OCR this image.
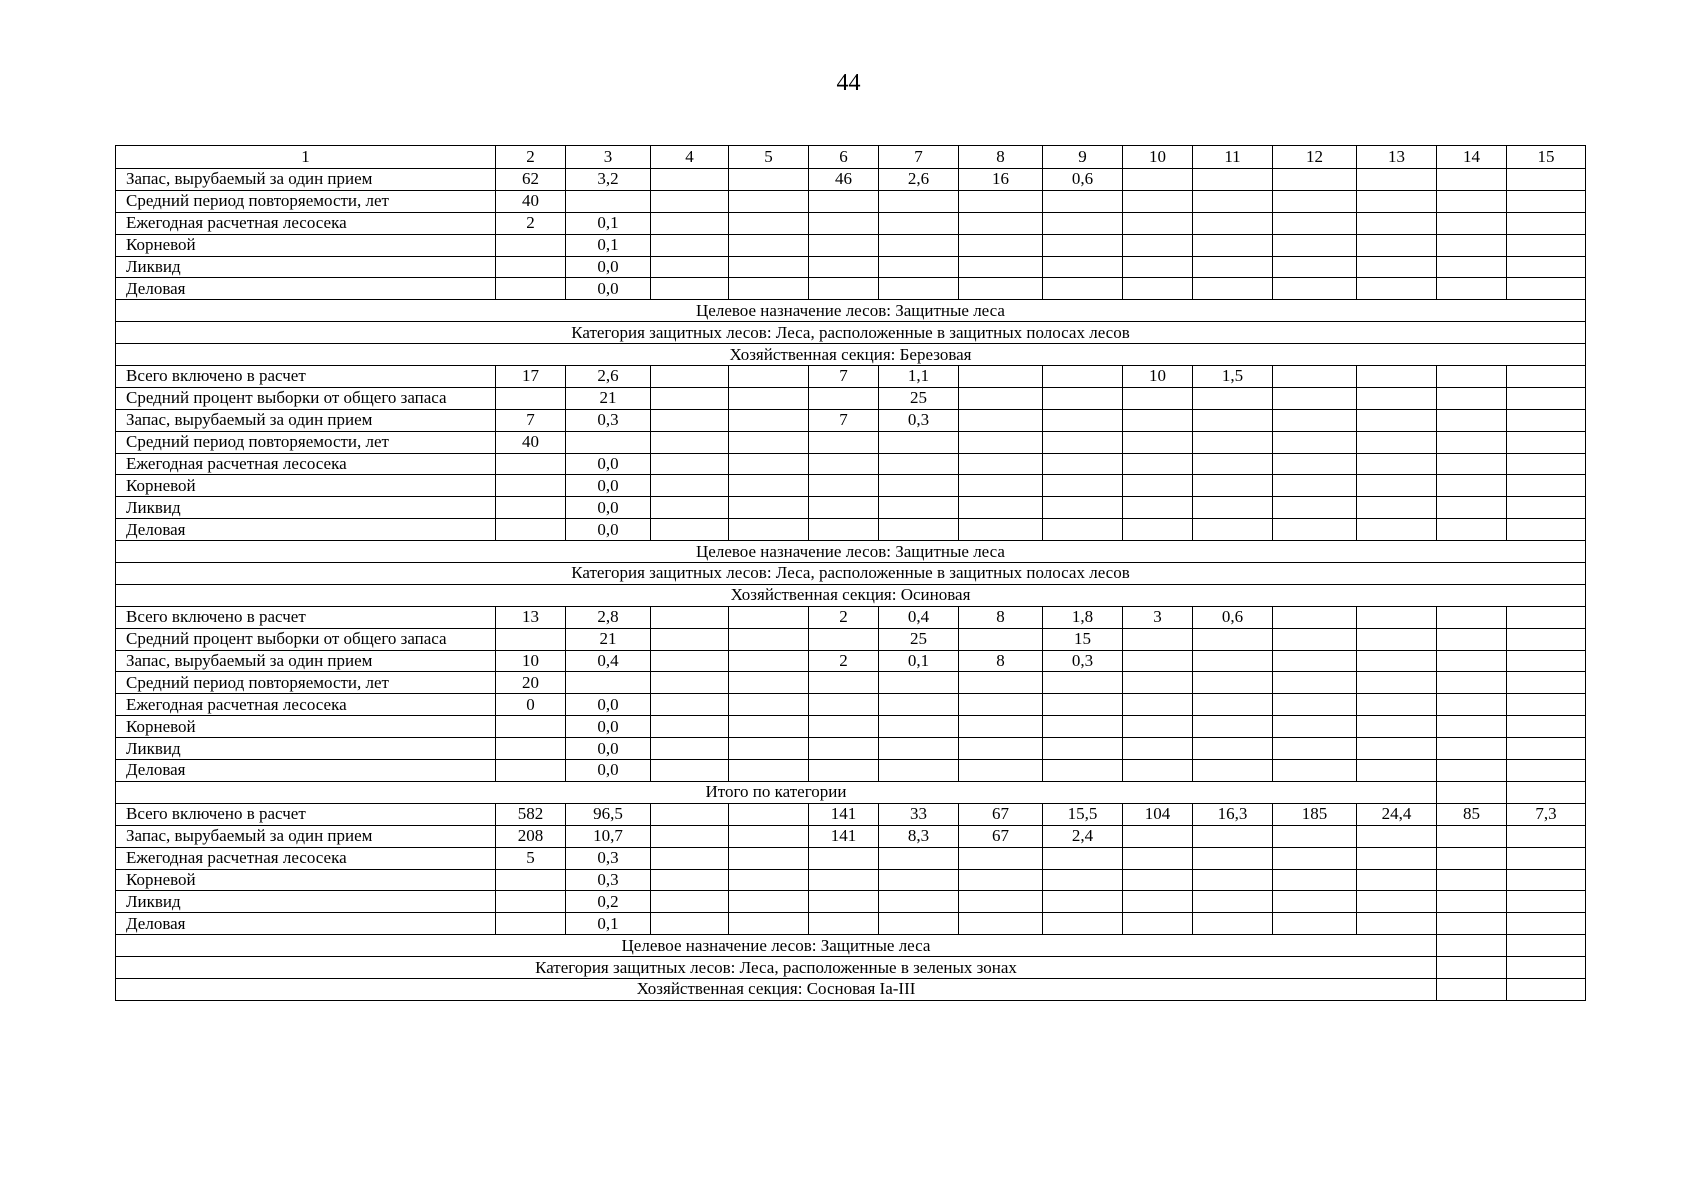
44
1	2	3	4	5	6	7	8	9	10	11	12	13	14	15
Запас, вырубаемый за один прием	62	3,2			46	2,6	16	0,6						
Средний период повторяемости, лет	40													
Ежегодная расчетная лесосека	2	0,1												
Корневой		0,1												
Ликвид		0,0												
Деловая		0,0												
Целевое назначение лесов: Защитные леса														
Категория защитных лесов: Леса, расположенные в защитных полосах лесов														
Хозяйственная секция: Березовая														
Всего включено в расчет	17	2,6			7	1,1			10	1,5				
Средний процент выборки от общего запаса		21				25								
Запас, вырубаемый за один прием	7	0,3			7	0,3								
Средний период повторяемости, лет	40													
Ежегодная расчетная лесосека		0,0												
Корневой		0,0												
Ликвид		0,0												
Деловая		0,0												
Целевое назначение лесов: Защитные леса														
Категория защитных лесов: Леса, расположенные в защитных полосах лесов														
Хозяйственная секция: Осиновая														
Всего включено в расчет	13	2,8			2	0,4	8	1,8	3	0,6				
Средний процент выборки от общего запаса		21				25		15						
Запас, вырубаемый за один прием	10	0,4			2	0,1	8	0,3						
Средний период повторяемости, лет	20													
Ежегодная расчетная лесосека	0	0,0												
Корневой		0,0												
Ликвид		0,0												
Деловая		0,0												
Итого по категории														
Всего включено в расчет	582	96,5			141	33	67	15,5	104	16,3	185	24,4	85	7,3
Запас, вырубаемый за один прием	208	10,7			141	8,3	67	2,4						
Ежегодная расчетная лесосека	5	0,3												
Корневой		0,3												
Ликвид		0,2												
Деловая		0,1												
Целевое назначение лесов: Защитные леса														
Категория защитных лесов: Леса, расположенные в зеленых зонах														
Хозяйственная секция: Сосновая Ia-III														
